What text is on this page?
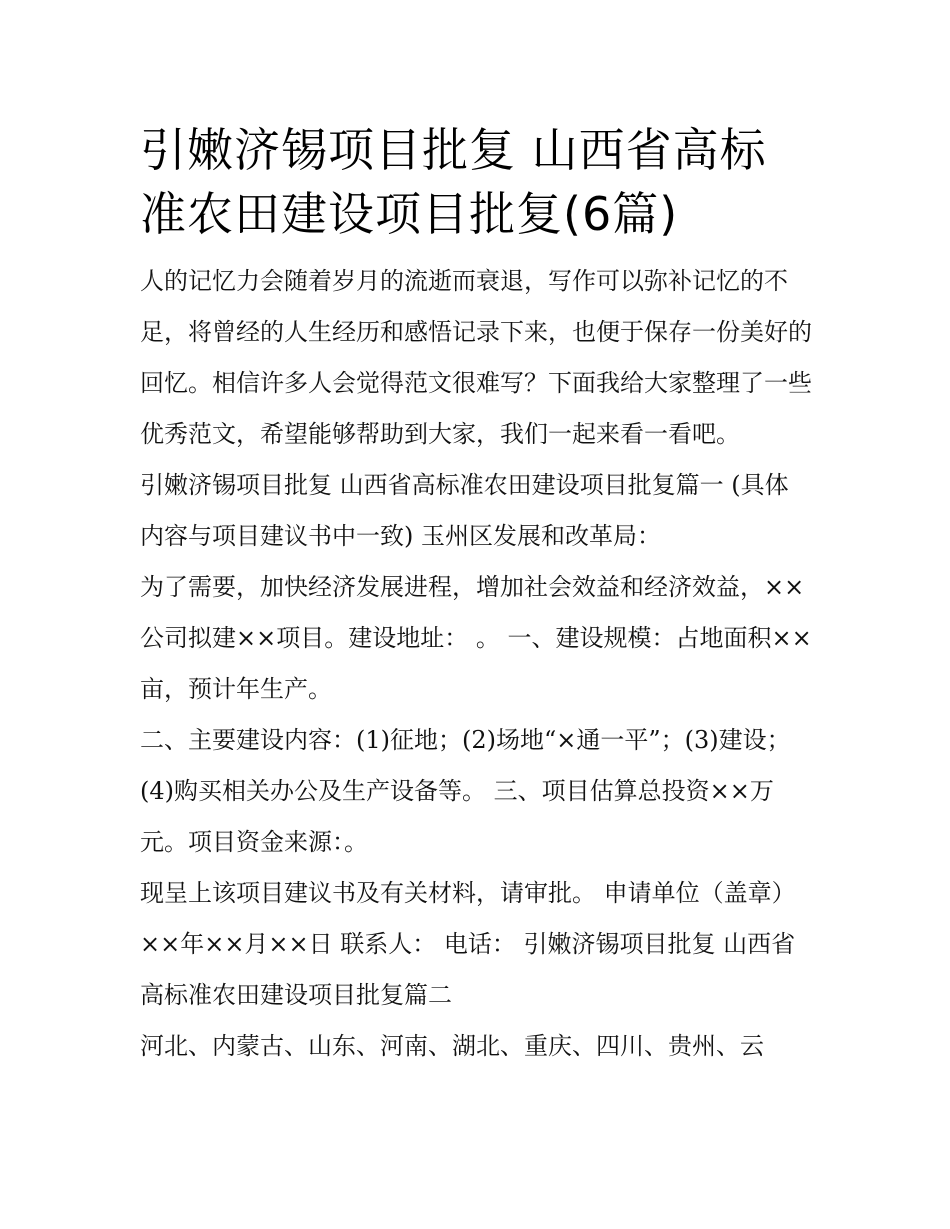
引嫩济锡项目批复 山西省高标准农田建设项目批复(6篇)

人的记忆力会随着岁月的流逝而衰退，写作可以弥补记忆的不足，将曾经的人生经历和感悟记录下来，也便于保存一份美好的回忆。相信许多人会觉得范文很难写？下面我给大家整理了一些优秀范文，希望能够帮助到大家，我们一起来看一看吧。

引嫩济锡项目批复 山西省高标准农田建设项目批复篇一 (具体内容与项目建议书中一致) 玉州区发展和改革局：

为了需要，加快经济发展进程，增加社会效益和经济效益，××公司拟建××项目。建设地址： 。 一、建设规模：占地面积××亩，预计年生产。

二、主要建设内容：(1)征地；(2)场地“×通一平”；(3)建设；(4)购买相关办公及生产设备等。 三、项目估算总投资××万元。项目资金来源：。

现呈上该项目建议书及有关材料，请审批。 申请单位（盖章） ××年××月××日 联系人： 电话： 引嫩济锡项目批复 山西省高标准农田建设项目批复篇二

河北、内蒙古、山东、河南、湖北、重庆、四川、贵州、云
